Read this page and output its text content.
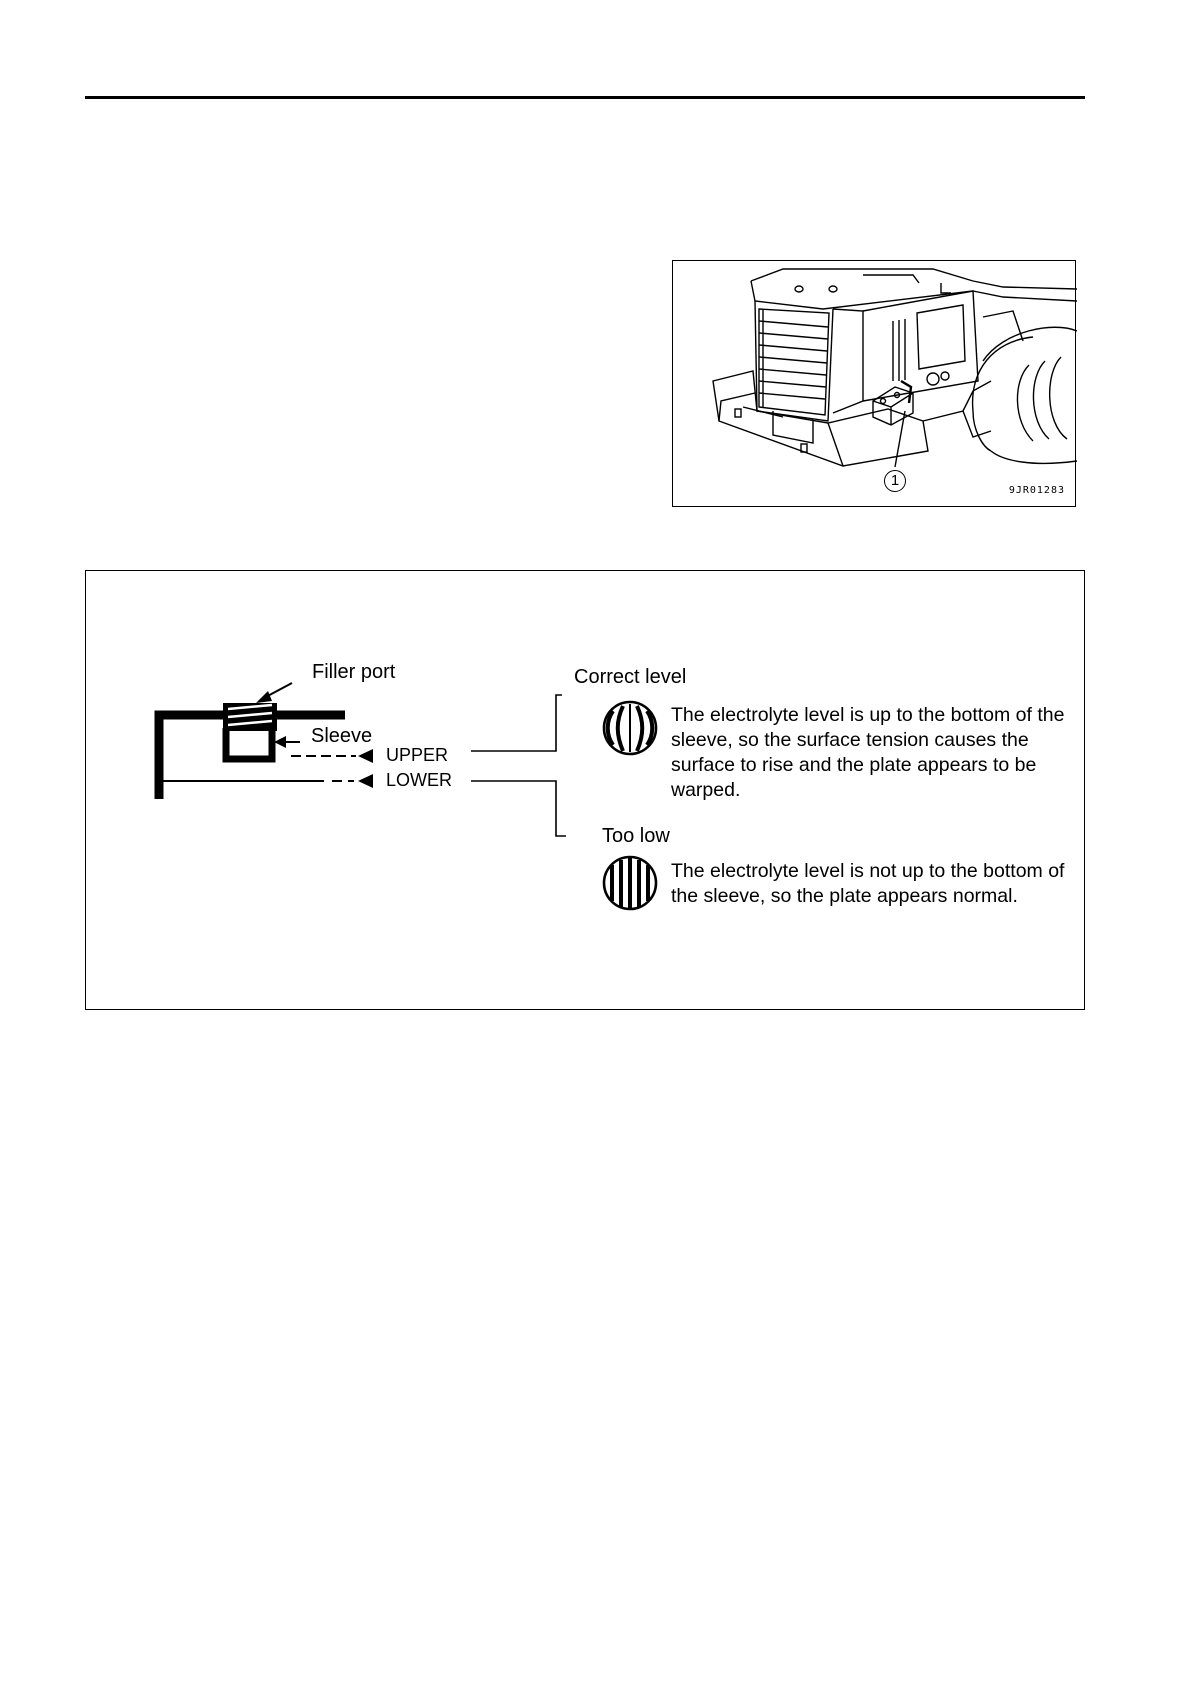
1
9JR01283
Filler port
Sleeve
UPPER
LOWER
Correct level
The electrolyte level is up to the bottom of the sleeve, so the surface tension causes the surface to rise and the plate appears to be warped.
Too low
The electrolyte level is not up to the bottom of the sleeve, so the plate appears normal.
